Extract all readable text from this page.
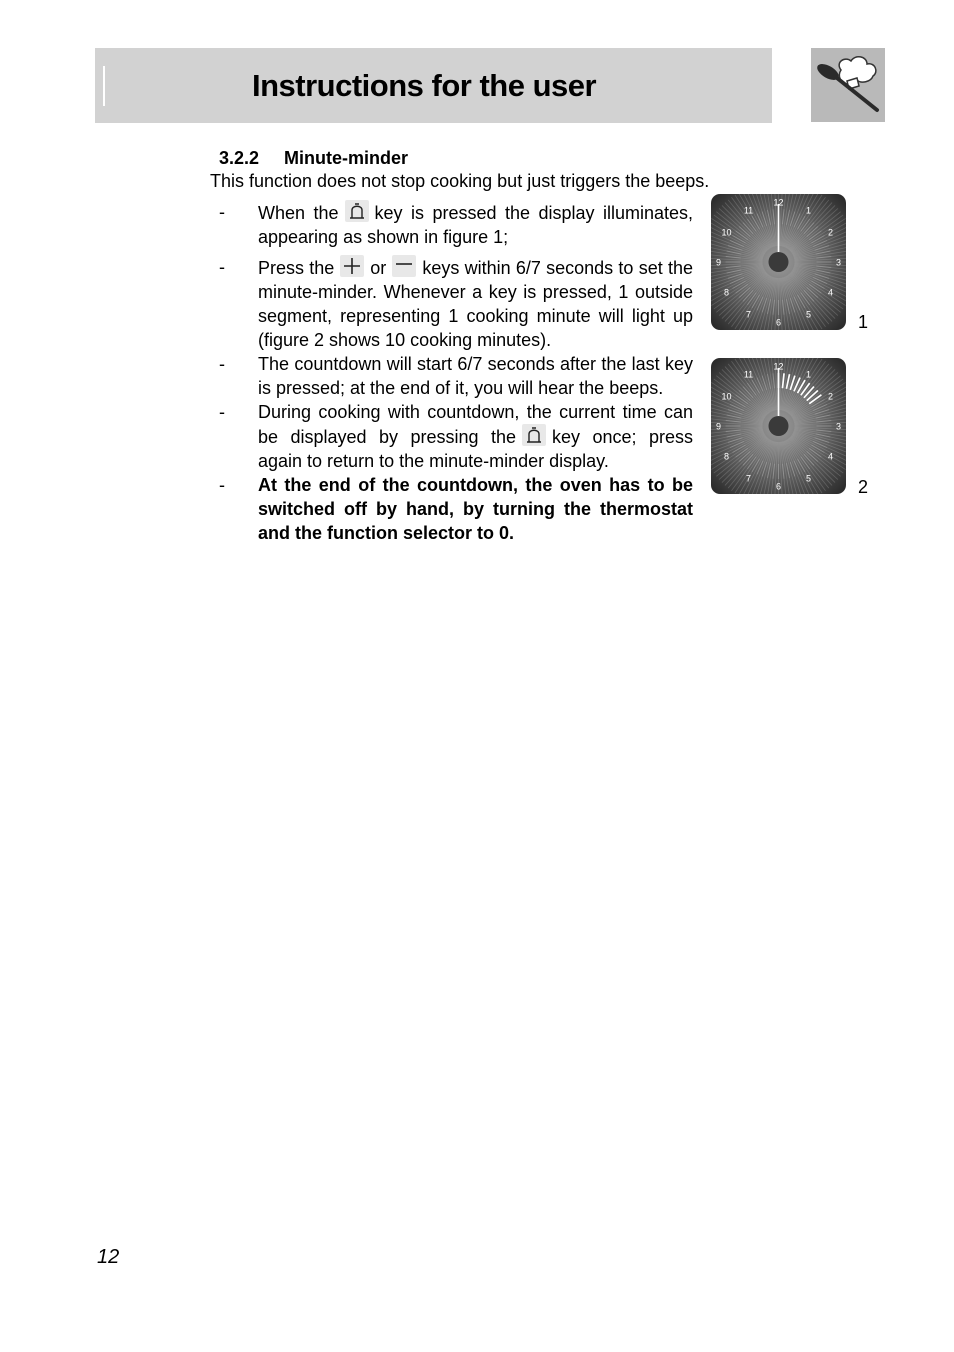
Instructions for the user
3.2.2 Minute-minder
This function does not stop cooking but just triggers the beeps.
- When the key is pressed the display illuminates, appearing as shown in figure 1;
- Press the or keys within 6/7 seconds to set the minute-minder. Whenever a key is pressed, 1 outside segment, representing 1 cooking minute will light up (figure 2 shows 10 cooking minutes).
- The countdown will start 6/7 seconds after the last key is pressed; at the end of it, you will hear the beeps.
- During cooking with countdown, the current time can be displayed by pressing the key once; press again to return to the minute-minder display.
- At the end of the countdown, the oven has to be switched off by hand, by turning the thermostat and the function selector to 0.
12
1
2
3
4
5
6
7
8
9
10
11
1
12
1
2
3
4
5
6
7
8
9
10
11
2
12
